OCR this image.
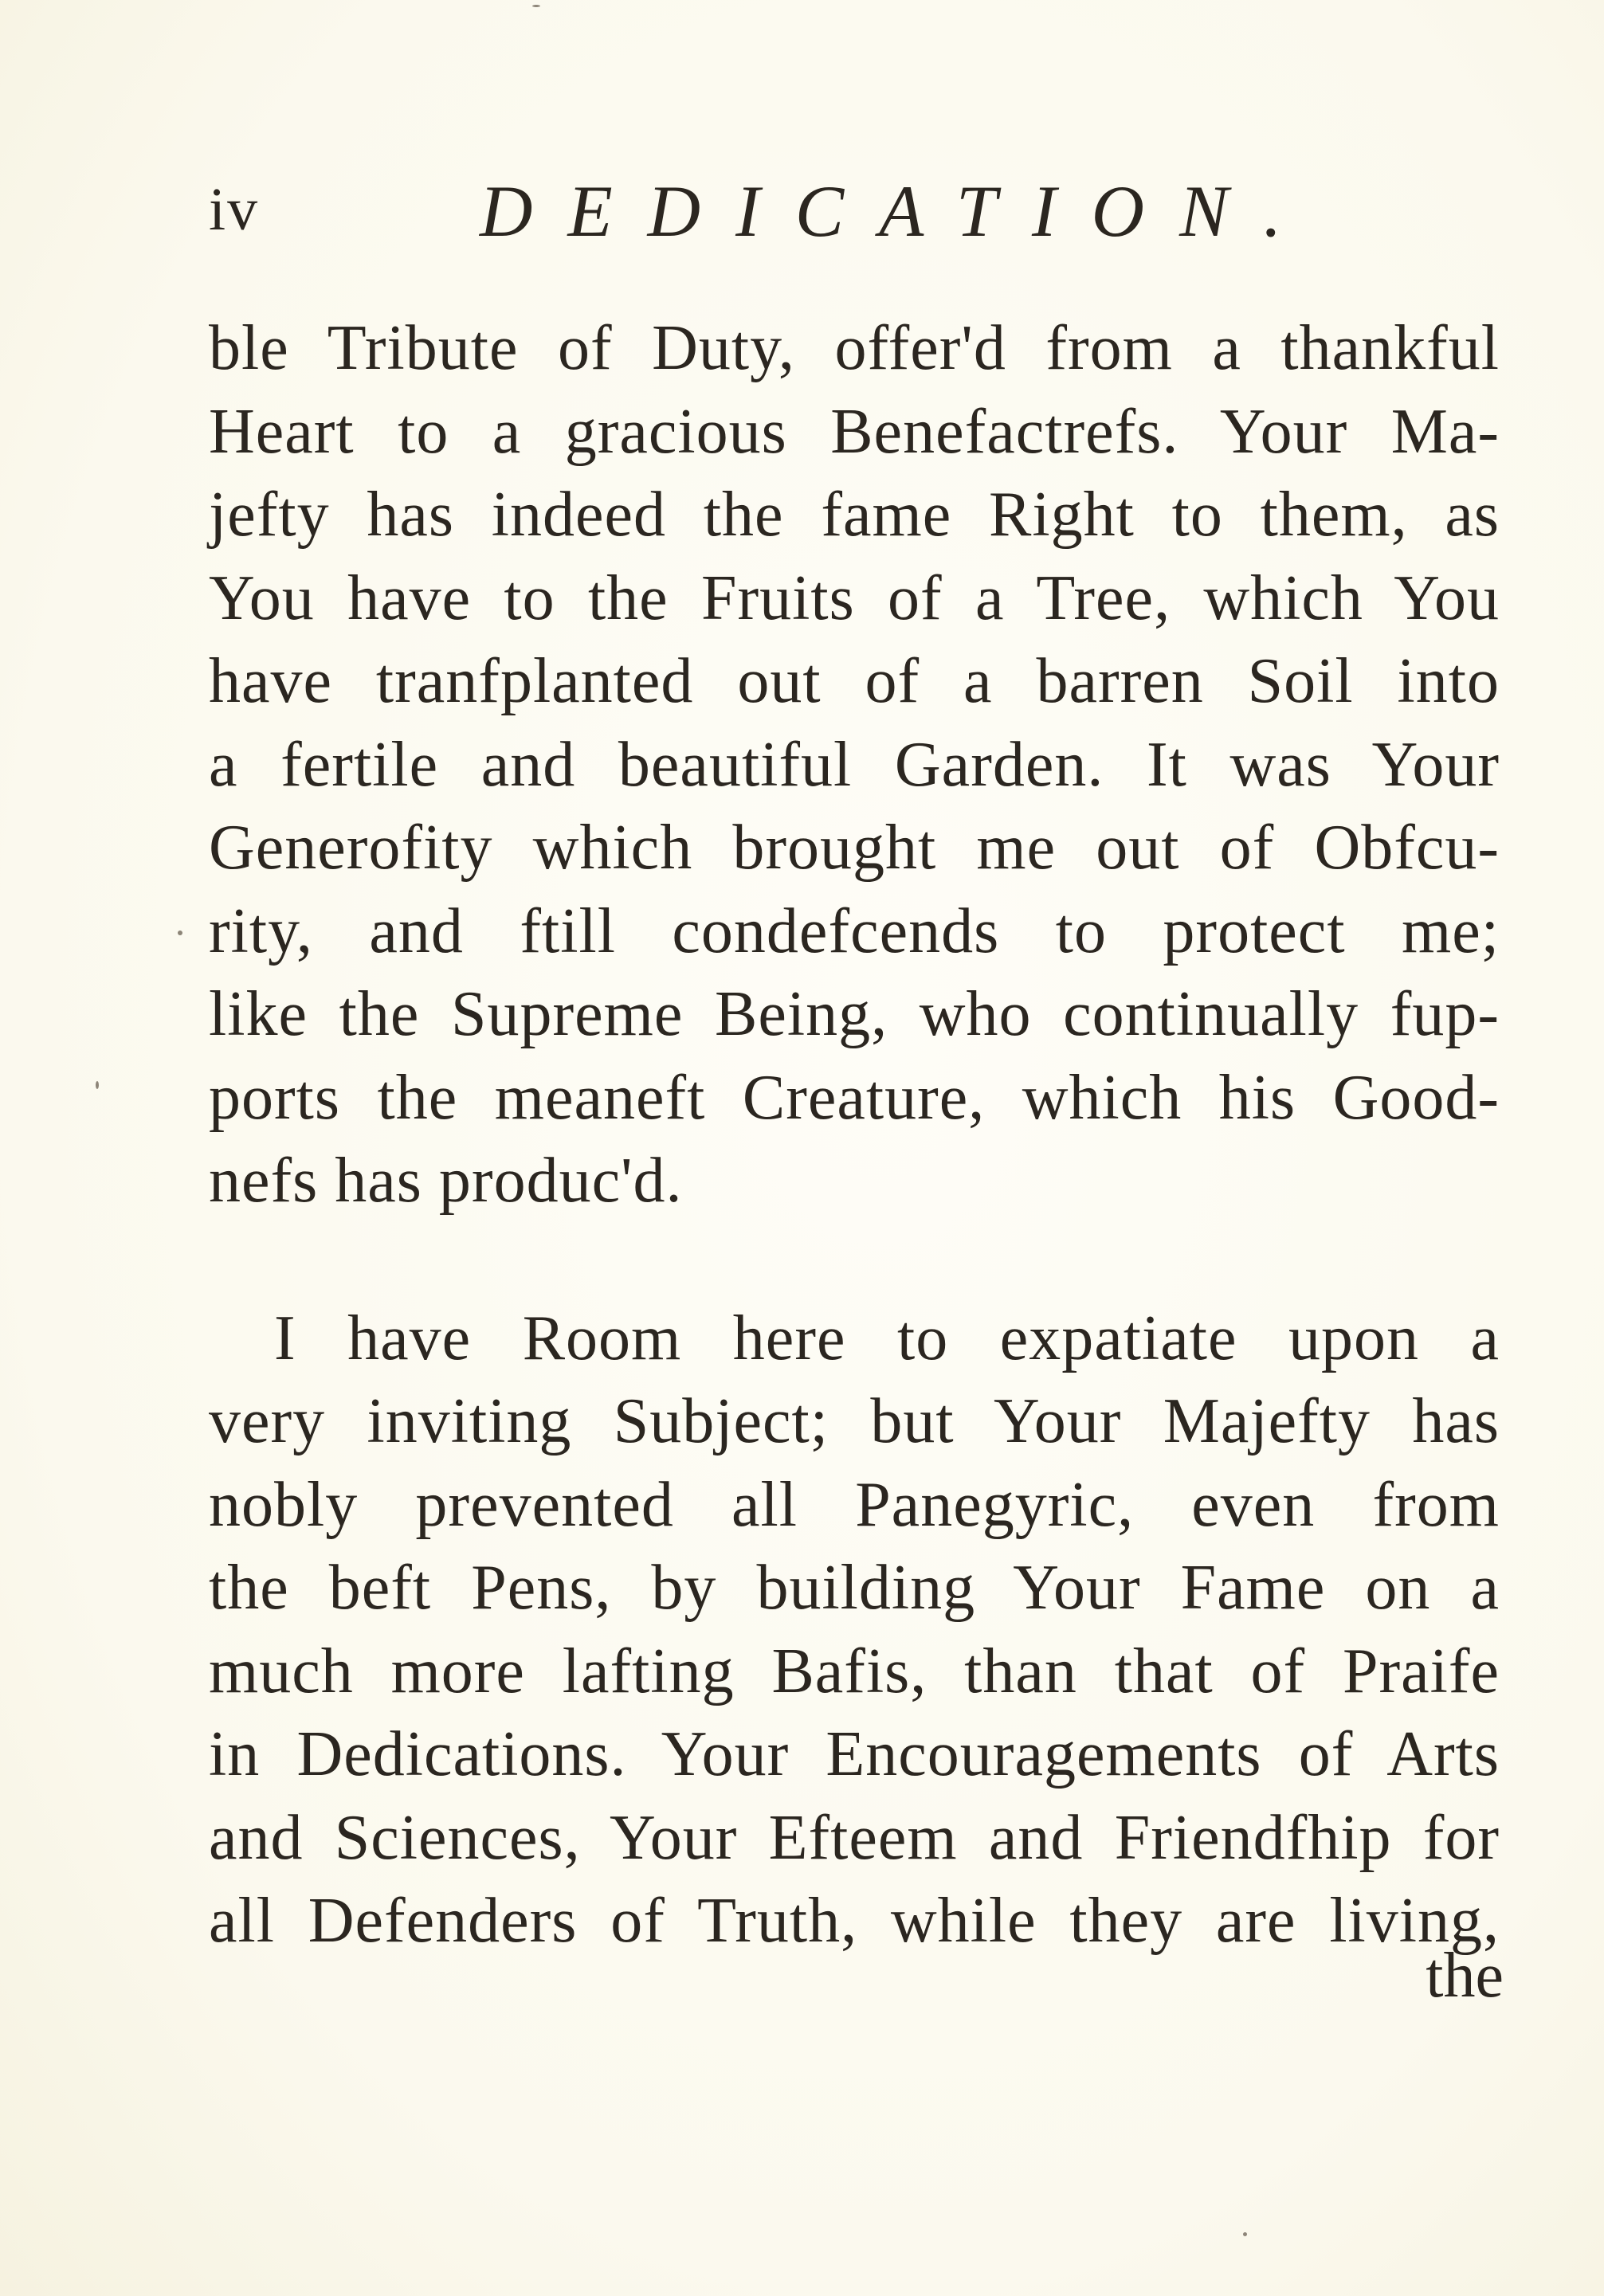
iv	DEDICATION.
ble Tribute of Duty, offer'd from a thankful
Heart to a gracious Benefactrefs. Your Ma-
jefty has indeed the fame Right to them, as
You have to the Fruits of a Tree, which You
have tranfplanted out of a barren Soil into
a fertile and beautiful Garden. It was Your
Generofity which brought me out of Obfcu-
rity, and ftill condefcends to protect me;
like the Supreme Being, who continually fup-
ports the meaneft Creature, which his Good-
nefs has produc'd.
I have Room here to expatiate upon a
very inviting Subject; but Your Majefty has
nobly prevented all Panegyric, even from
the beft Pens, by building Your Fame on a
much more lafting Bafis, than that of Praife
in Dedications. Your Encouragements of Arts
and Sciences, Your Efteem and Friendfhip for
all Defenders of Truth, while they are living,
the
